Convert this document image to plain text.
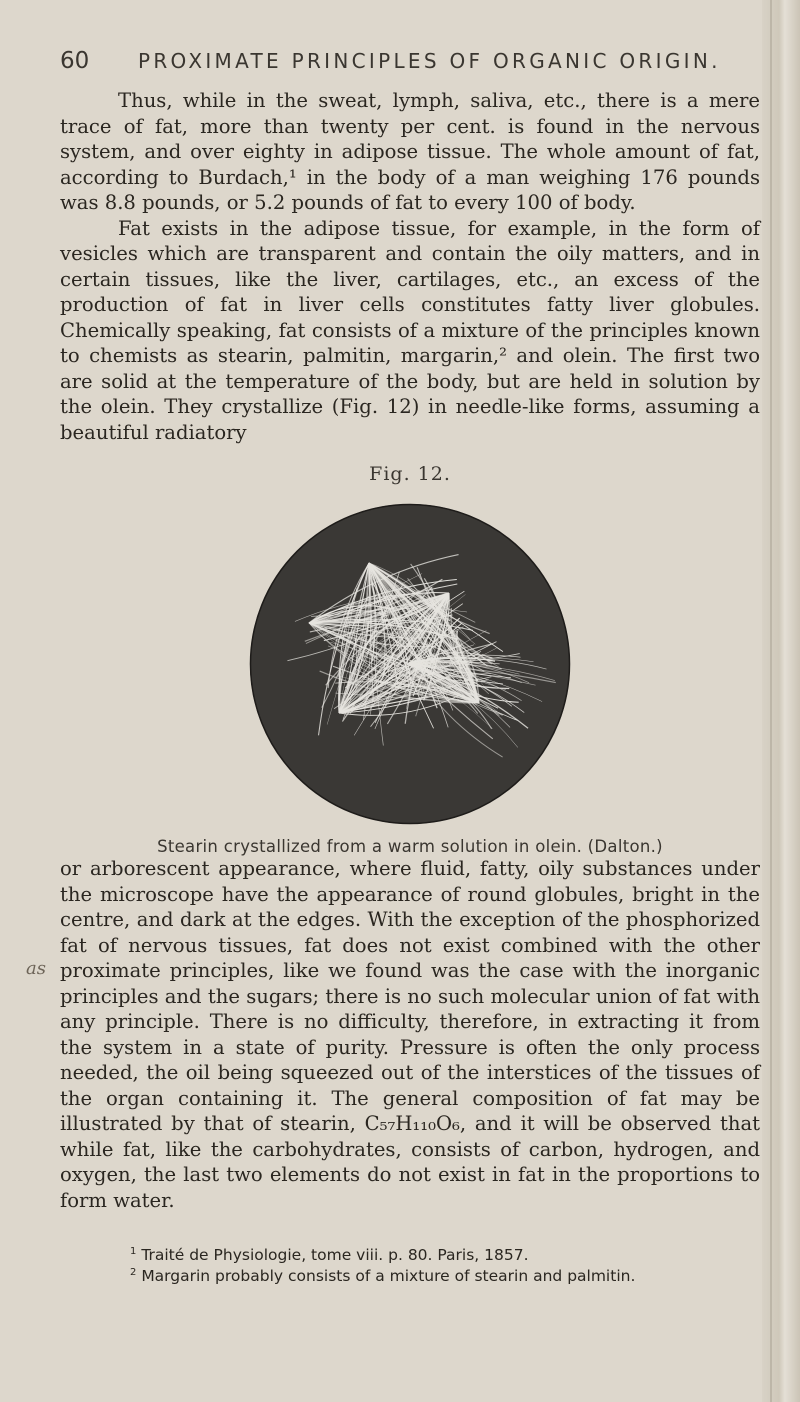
as
60	PROXIMATE PRINCIPLES OF ORGANIC ORIGIN.

Thus, while in the sweat, lymph, saliva, etc., there is a mere trace of fat, more than twenty per cent. is found in the nervous system, and over eighty in adipose tissue. The whole amount of fat, according to Burdach,¹ in the body of a man weighing 176 pounds was 8.8 pounds, or 5.2 pounds of fat to every 100 of body.

Fat exists in the adipose tissue, for example, in the form of vesicles which are transparent and contain the oily matters, and in certain tissues, like the liver, cartilages, etc., an excess of the production of fat in liver cells constitutes fatty liver globules. Chemically speaking, fat consists of a mixture of the principles known to chemists as stearin, palmitin, margarin,² and olein. The first two are solid at the temperature of the body, but are held in solution by the olein. They crystallize (Fig. 12) in needle-like forms, assuming a beautiful radiatory

Fig. 12.
Stearin crystallized from a warm solution in olein. (Dalton.)

or arborescent appearance, where fluid, fatty, oily substances under the microscope have the appearance of round globules, bright in the centre, and dark at the edges. With the exception of the phosphorized fat of nervous tissues, fat does not exist combined with the other proximate principles, like we found was the case with the inorganic principles and the sugars; there is no such molecular union of fat with any principle. There is no difficulty, therefore, in extracting it from the system in a state of purity. Pressure is often the only process needed, the oil being squeezed out of the interstices of the tissues of the organ containing it. The general composition of fat may be illustrated by that of stearin, C₅₇H₁₁₀O₆, and it will be observed that while fat, like the carbohydrates, consists of carbon, hydrogen, and oxygen, the last two elements do not exist in fat in the proportions to form water.

$^1$ Traité de Physiologie, tome viii. p. 80. Paris, 1857.
$^2$ Margarin probably consists of a mixture of stearin and palmitin.
